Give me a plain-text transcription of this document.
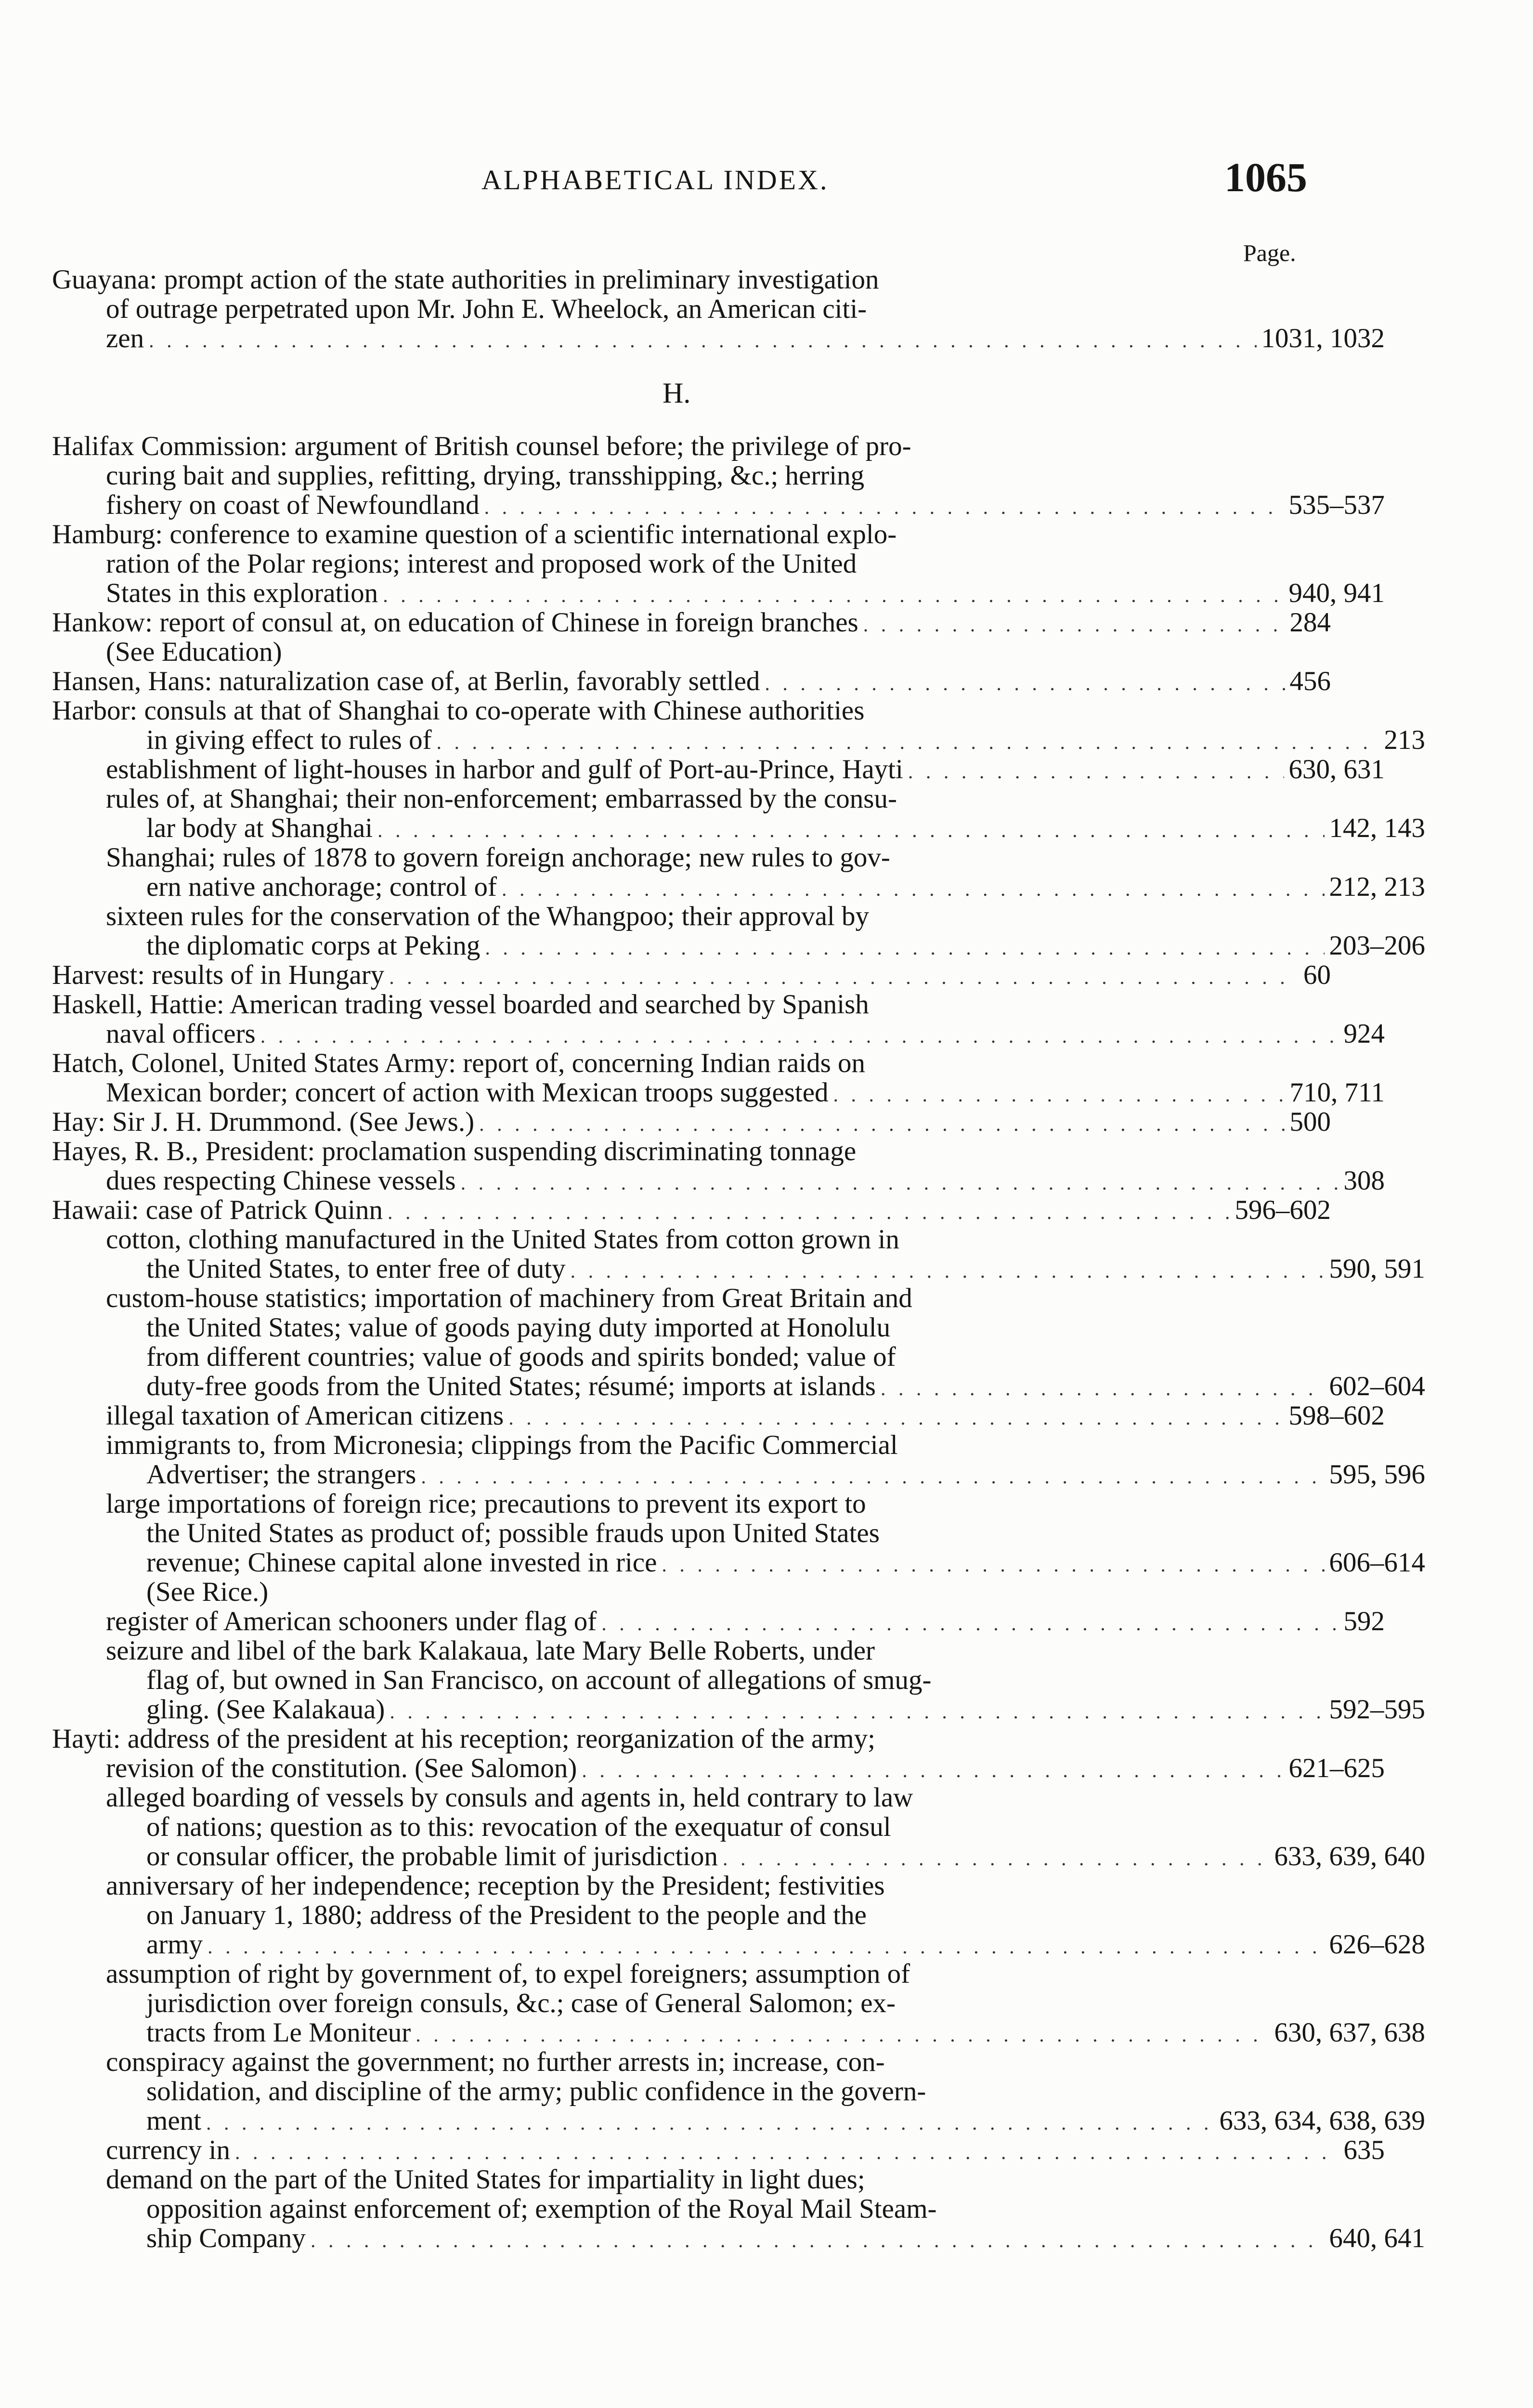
ALPHABETICAL INDEX.	1065
Page.
H.
Guayana: prompt action of the state authorities in preliminary investigation
of outrage perpetrated upon Mr. John E. Wheelock, an American citi-
zen . . .	1031, 1032
Halifax Commission: argument of British counsel before; the privilege of pro-
curing bait and supplies, refitting, drying, transshipping, &c.; herring
fishery on coast of Newfoundland . . .	535–537
Hamburg: conference to examine question of a scientific international explo-
ration of the Polar regions; interest and proposed work of the United
States in this exploration . . .	940, 941
Hankow: report of consul at, on education of Chinese in foreign branches . . .	284
(See Education)
Hansen, Hans: naturalization case of, at Berlin, favorably settled . . .	456
Harbor: consuls at that of Shanghai to co-operate with Chinese authorities
in giving effect to rules of . . .	213
establishment of light-houses in harbor and gulf of Port-au-Prince, Hayti . . .	630, 631
rules of, at Shanghai; their non-enforcement; embarrassed by the consu-
lar body at Shanghai . . .	142, 143
Shanghai; rules of 1878 to govern foreign anchorage; new rules to gov-
ern native anchorage; control of . . .	212, 213
sixteen rules for the conservation of the Whangpoo; their approval by
the diplomatic corps at Peking . . .	203–206
Harvest: results of in Hungary . . .	60
Haskell, Hattie: American trading vessel boarded and searched by Spanish
naval officers . . .	924
Hatch, Colonel, United States Army: report of, concerning Indian raids on
Mexican border; concert of action with Mexican troops suggested . . .	710, 711
Hay: Sir J. H. Drummond. (See Jews.) . . .	500
Hayes, R. B., President: proclamation suspending discriminating tonnage
dues respecting Chinese vessels . . .	308
Hawaii: case of Patrick Quinn . . .	596–602
cotton, clothing manufactured in the United States from cotton grown in
the United States, to enter free of duty . . .	590, 591
custom-house statistics; importation of machinery from Great Britain and
the United States; value of goods paying duty imported at Honolulu
from different countries; value of goods and spirits bonded; value of
duty-free goods from the United States; résumé; imports at islands . . .	602–604
illegal taxation of American citizens . . .	598–602
immigrants to, from Micronesia; clippings from the Pacific Commercial
Advertiser; the strangers . . .	595, 596
large importations of foreign rice; precautions to prevent its export to
the United States as product of; possible frauds upon United States
revenue; Chinese capital alone invested in rice . . .	606–614
(See Rice.)
register of American schooners under flag of . . .	592
seizure and libel of the bark Kalakaua, late Mary Belle Roberts, under
flag of, but owned in San Francisco, on account of allegations of smug-
gling. (See Kalakaua) . . .	592–595
Hayti: address of the president at his reception; reorganization of the army;
revision of the constitution. (See Salomon) . . .	621–625
alleged boarding of vessels by consuls and agents in, held contrary to law
of nations; question as to this: revocation of the exequatur of consul
or consular officer, the probable limit of jurisdiction . . .	633, 639, 640
anniversary of her independence; reception by the President; festivities
on January 1, 1880; address of the President to the people and the
army . . .	626–628
assumption of right by government of, to expel foreigners; assumption of
jurisdiction over foreign consuls, &c.; case of General Salomon; ex-
tracts from Le Moniteur . . .	630, 637, 638
conspiracy against the government; no further arrests in; increase, con-
solidation, and discipline of the army; public confidence in the govern-
ment . . .	633, 634, 638, 639
currency in . . .	635
demand on the part of the United States for impartiality in light dues;
opposition against enforcement of; exemption of the Royal Mail Steam-
ship Company . . .	640, 641
